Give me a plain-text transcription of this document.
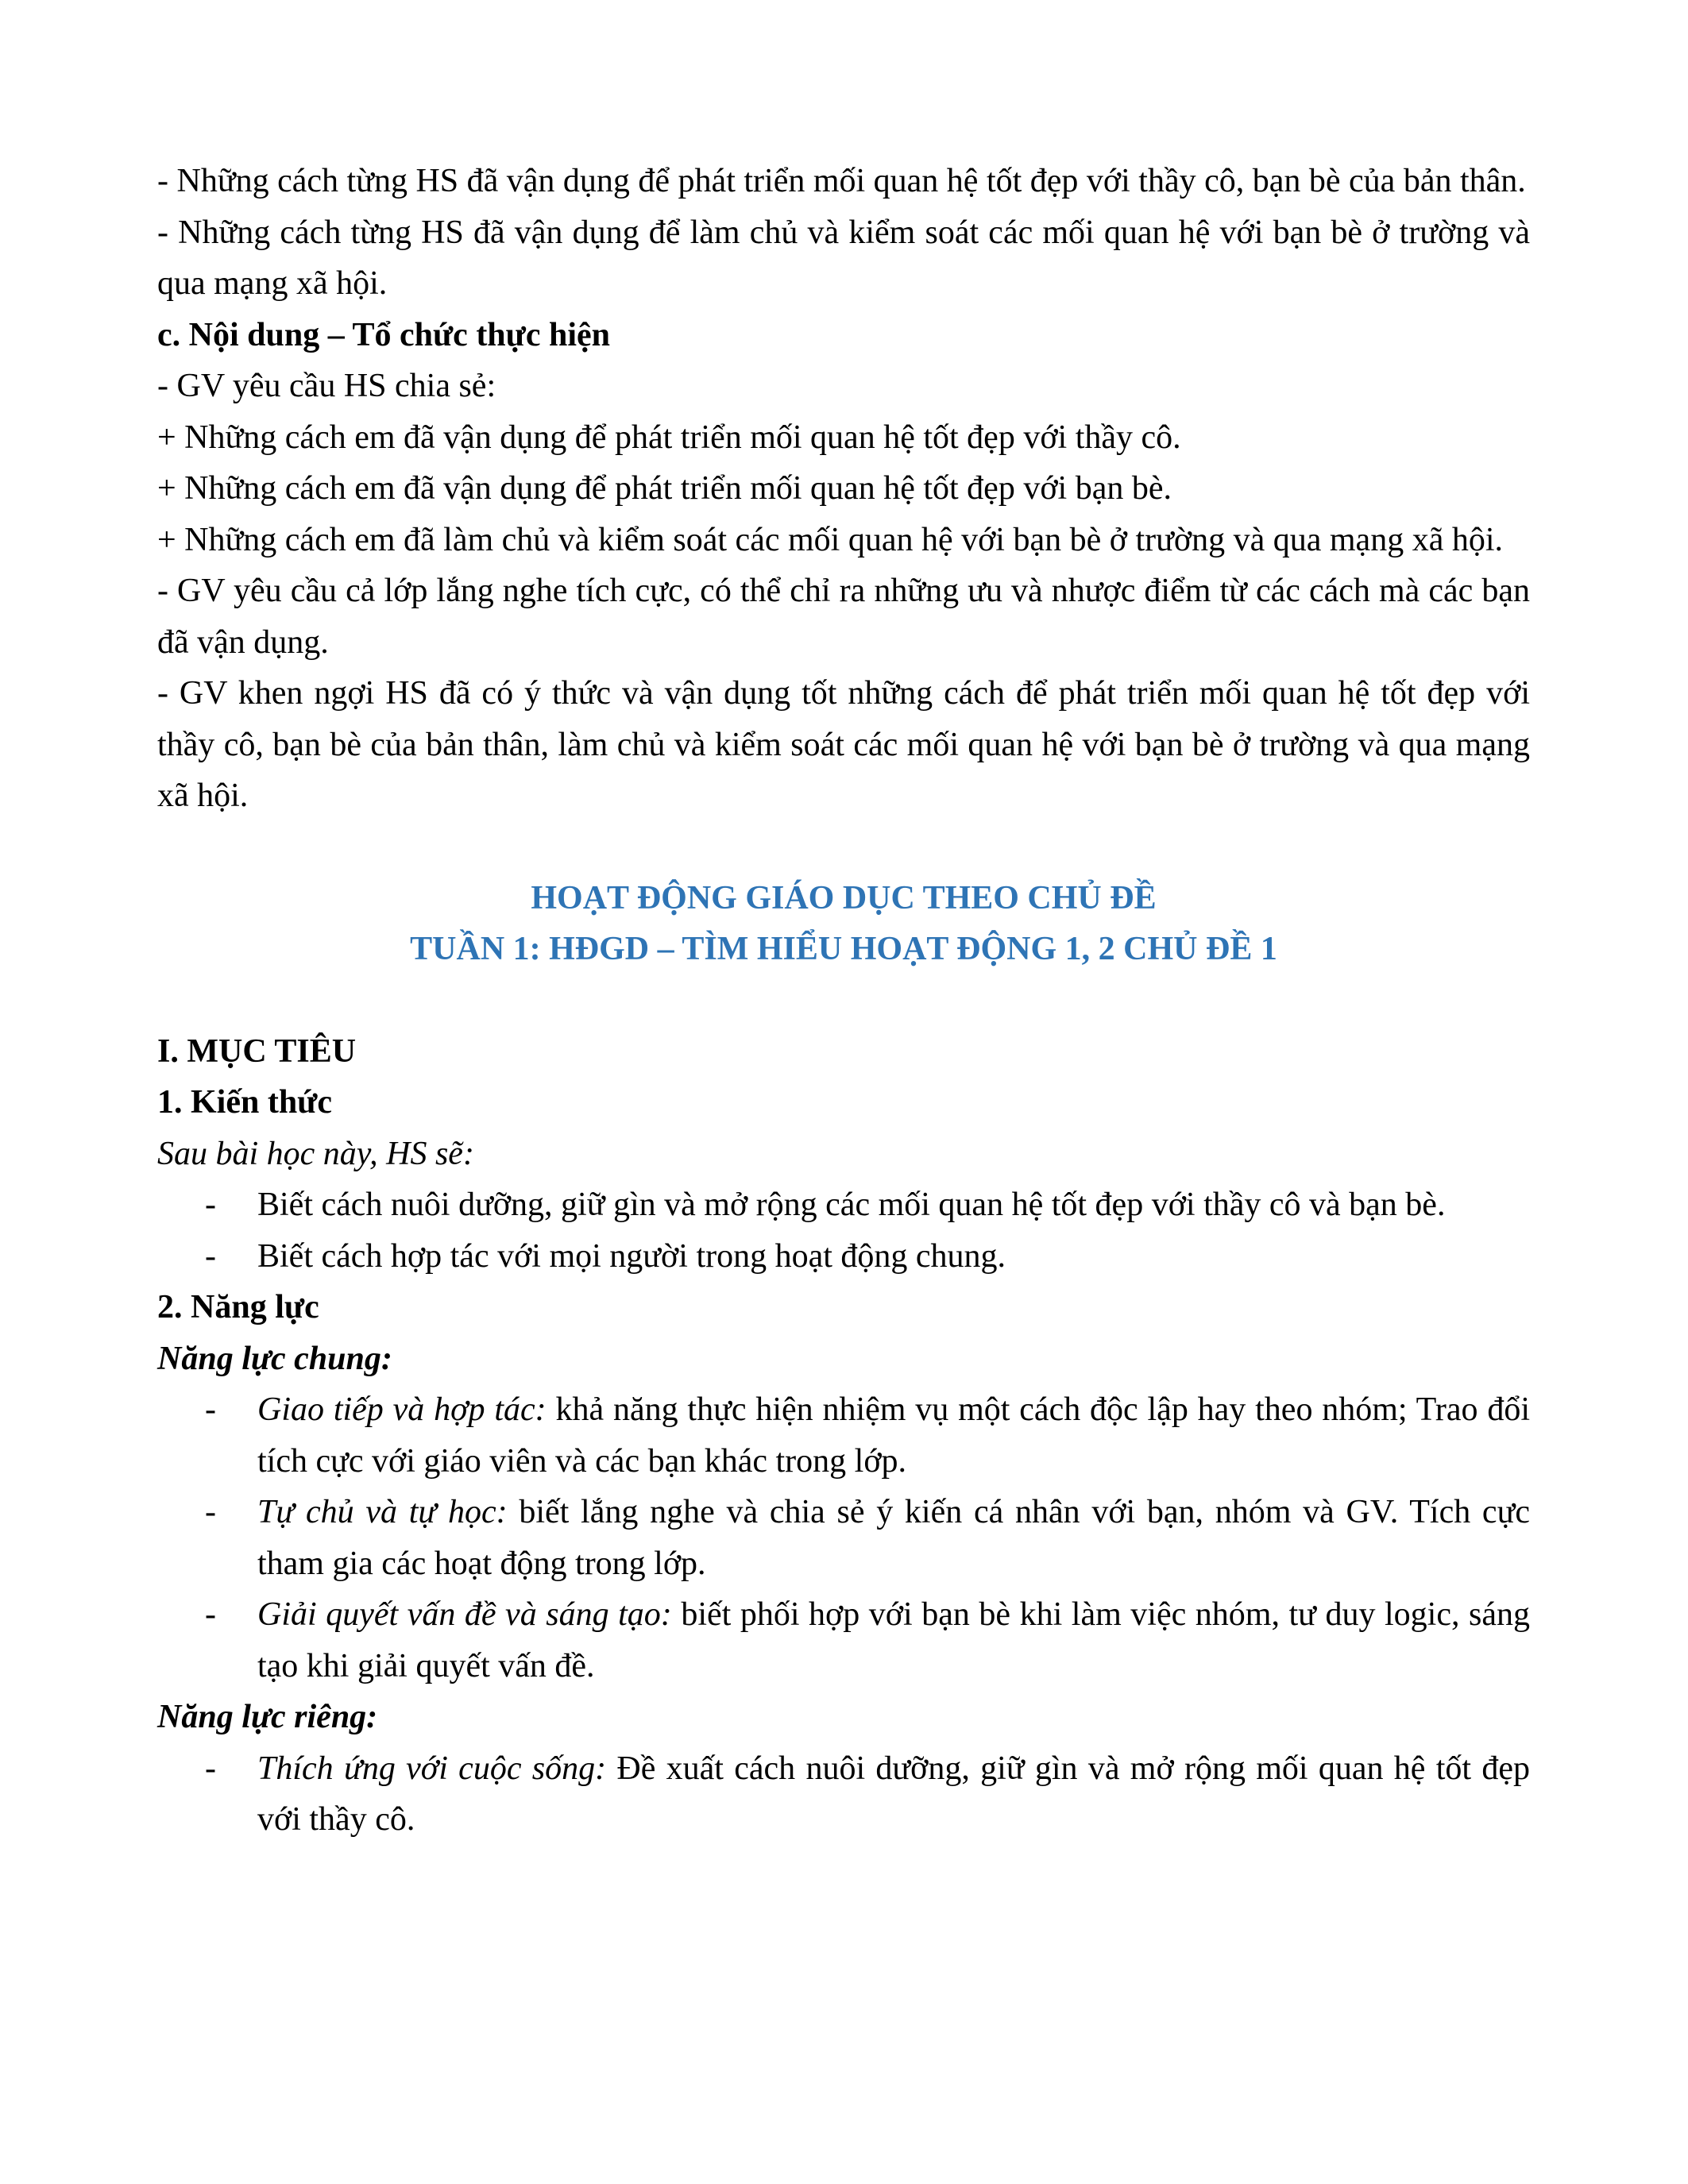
- Những cách từng HS đã vận dụng để phát triển mối quan hệ tốt đẹp với thầy cô, bạn bè của bản thân.

- Những cách từng HS đã vận dụng để làm chủ và kiểm soát các mối quan hệ với bạn bè ở trường và qua mạng xã hội.

c. Nội dung – Tổ chức thực hiện

- GV yêu cầu HS chia sẻ:

+ Những cách em đã vận dụng để phát triển mối quan hệ tốt đẹp với thầy cô.

+ Những cách em đã vận dụng để phát triển mối quan hệ tốt đẹp với bạn bè.

+ Những cách em đã làm chủ và kiểm soát các mối quan hệ với bạn bè ở trường và qua mạng xã hội.

- GV yêu cầu cả lớp lắng nghe tích cực, có thể chỉ ra những ưu và nhược điểm từ các cách mà các bạn đã vận dụng.

- GV khen ngợi HS đã có ý thức và vận dụng tốt những cách để phát triển mối quan hệ tốt đẹp với thầy cô, bạn bè của bản thân, làm chủ và kiểm soát các mối quan hệ với bạn bè ở trường và qua mạng xã hội.

HOẠT ĐỘNG GIÁO DỤC THEO CHỦ ĐỀ

TUẦN 1: HĐGD – TÌM HIỂU HOẠT ĐỘNG 1, 2 CHỦ ĐỀ 1

I. MỤC TIÊU

1. Kiến thức

Sau bài học này, HS sẽ:

- Biết cách nuôi dưỡng, giữ gìn và mở rộng các mối quan hệ tốt đẹp với thầy cô và bạn bè.
- Biết cách hợp tác với mọi người trong hoạt động chung.

2. Năng lực

Năng lực chung:

- Giao tiếp và hợp tác: khả năng thực hiện nhiệm vụ một cách độc lập hay theo nhóm; Trao đổi tích cực với giáo viên và các bạn khác trong lớp.
- Tự chủ và tự học: biết lắng nghe và chia sẻ ý kiến cá nhân với bạn, nhóm và GV. Tích cực tham gia các hoạt động trong lớp.
- Giải quyết vấn đề và sáng tạo: biết phối hợp với bạn bè khi làm việc nhóm, tư duy logic, sáng tạo khi giải quyết vấn đề.

Năng lực riêng:

- Thích ứng với cuộc sống: Đề xuất cách nuôi dưỡng, giữ gìn và mở rộng mối quan hệ tốt đẹp với thầy cô.
